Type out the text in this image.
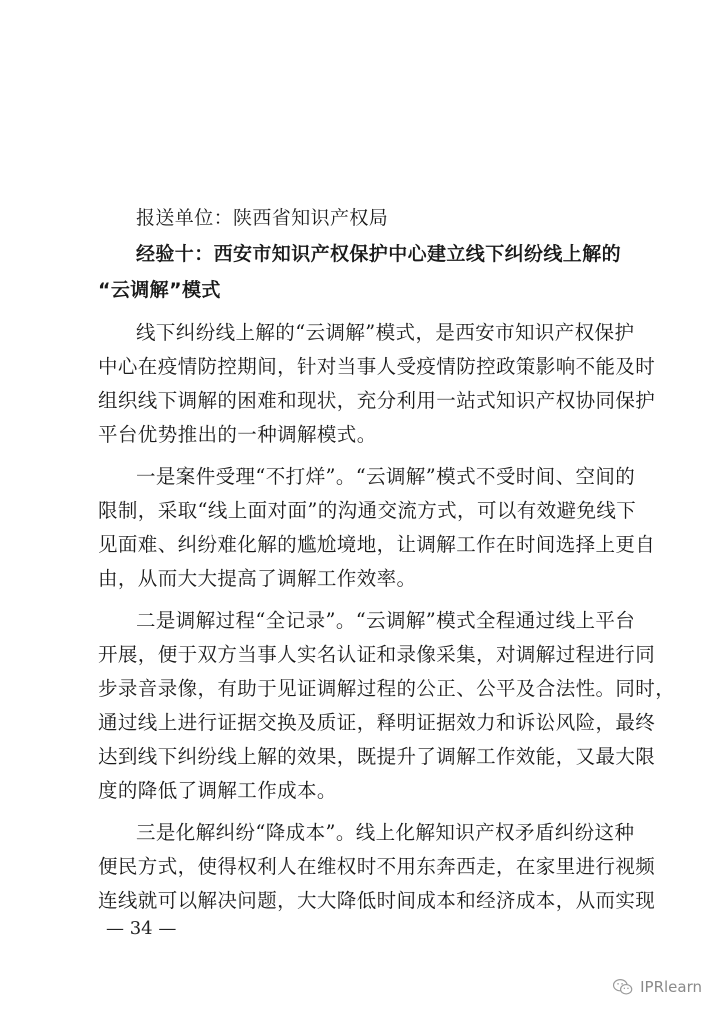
报送单位：陕西省知识产权局
经验十：西安市知识产权保护中心建立线下纠纷线上解的
“云调解”模式
线下纠纷线上解的“云调解”模式，是西安市知识产权保护
中心在疫情防控期间，针对当事人受疫情防控政策影响不能及时
组织线下调解的困难和现状，充分利用一站式知识产权协同保护
平台优势推出的一种调解模式。
一是案件受理“不打烊”。“云调解”模式不受时间、空间的
限制，采取“线上面对面”的沟通交流方式，可以有效避免线下
见面难、纠纷难化解的尴尬境地，让调解工作在时间选择上更自
由，从而大大提高了调解工作效率。
二是调解过程“全记录”。“云调解”模式全程通过线上平台
开展，便于双方当事人实名认证和录像采集，对调解过程进行同
步录音录像，有助于见证调解过程的公正、公平及合法性。同时，
通过线上进行证据交换及质证，释明证据效力和诉讼风险，最终
达到线下纠纷线上解的效果，既提升了调解工作效能，又最大限
度的降低了调解工作成本。
三是化解纠纷“降成本”。线上化解知识产权矛盾纠纷这种
便民方式，使得权利人在维权时不用东奔西走，在家里进行视频
连线就可以解决问题，大大降低时间成本和经济成本，从而实现
— 34 —
IPRlearn
